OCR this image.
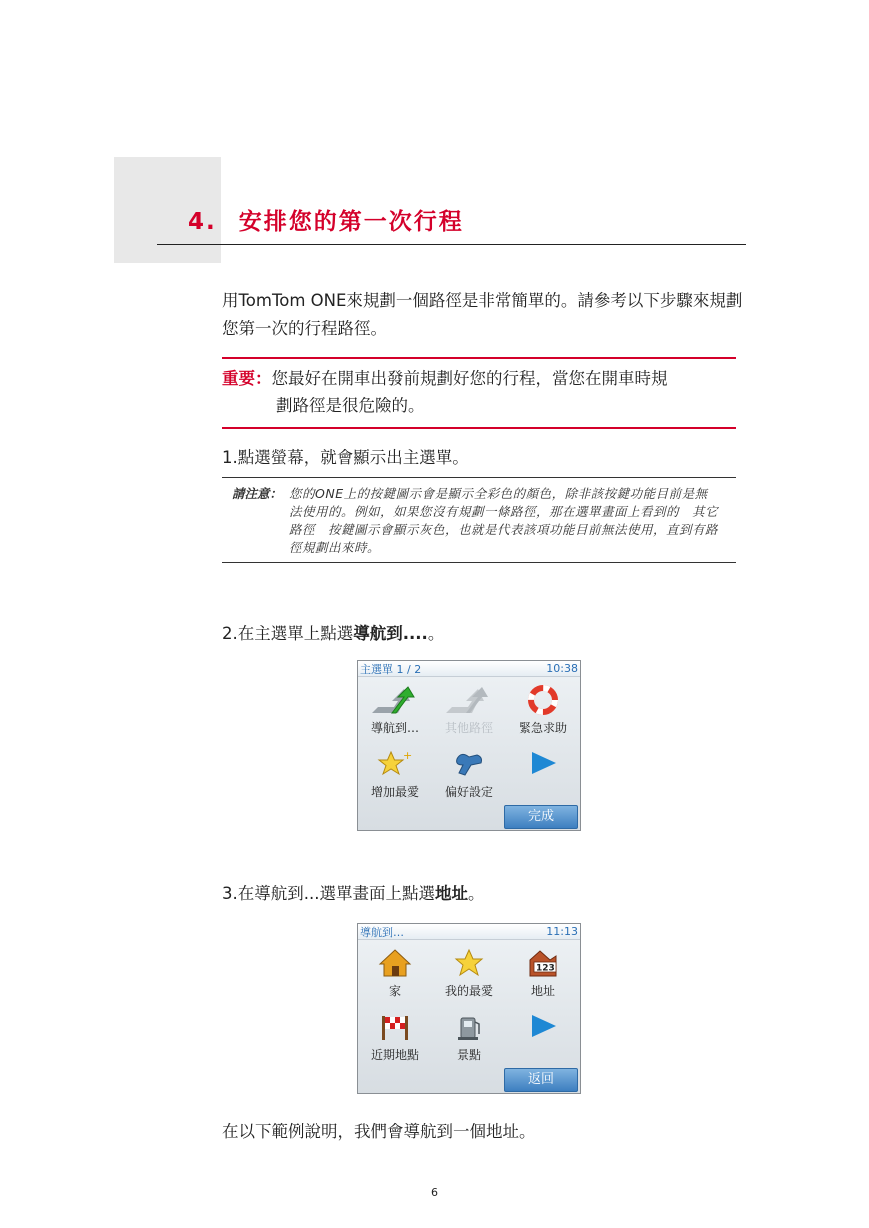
4. 安排您的第一次行程
用TomTom ONE來規劃一個路徑是非常簡單的。請參考以下步驟來規劃您第一次的行程路徑。
重要：您最好在開車出發前規劃好您的行程，當您在開車時規
劃路徑是很危險的。
1.點選螢幕，就會顯示出主選單。
請注意： 您的ONE上的按鍵圖示會是顯示全彩色的顏色，除非該按鍵功能目前是無法使用的。例如，如果您沒有規劃一條路徑，那在選單畫面上看到的　其它路徑　按鍵圖示會顯示灰色，也就是代表該項功能目前無法使用，直到有路徑規劃出來時。
2.在主選單上點選導航到....。
主選單 1 / 2	10:38
導航到… 其他路徑 緊急求助
+
增加最愛 偏好設定
完成
3.在導航到...選單畫面上點選地址。
導航到…	11:13
家	我的最愛
123
地址
近期地點	景點
返回
在以下範例說明，我們會導航到一個地址。
6
